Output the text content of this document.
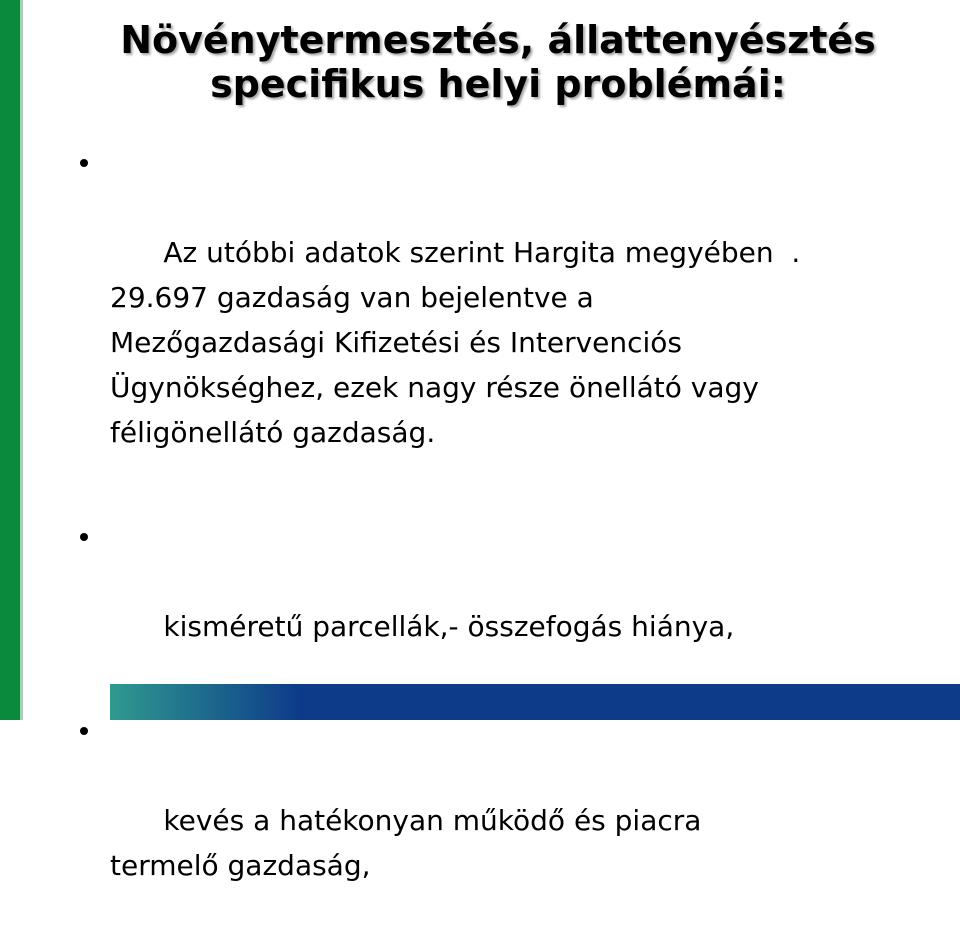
Növénytermesztés, állattenyésztés
specifikus helyi problémái:

Az utóbbi adatok szerint Hargita megyében  .
29.697 gazdaság van bejelentve a
Mezőgazdasági Kifizetési és Intervenciós
Ügynökséghez, ezek nagy része önellátó vagy
féligönellátó gazdaság.

kisméretű parcellák,- összefogás hiánya,

kevés a hatékonyan működő és piacra
termelő gazdaság,
